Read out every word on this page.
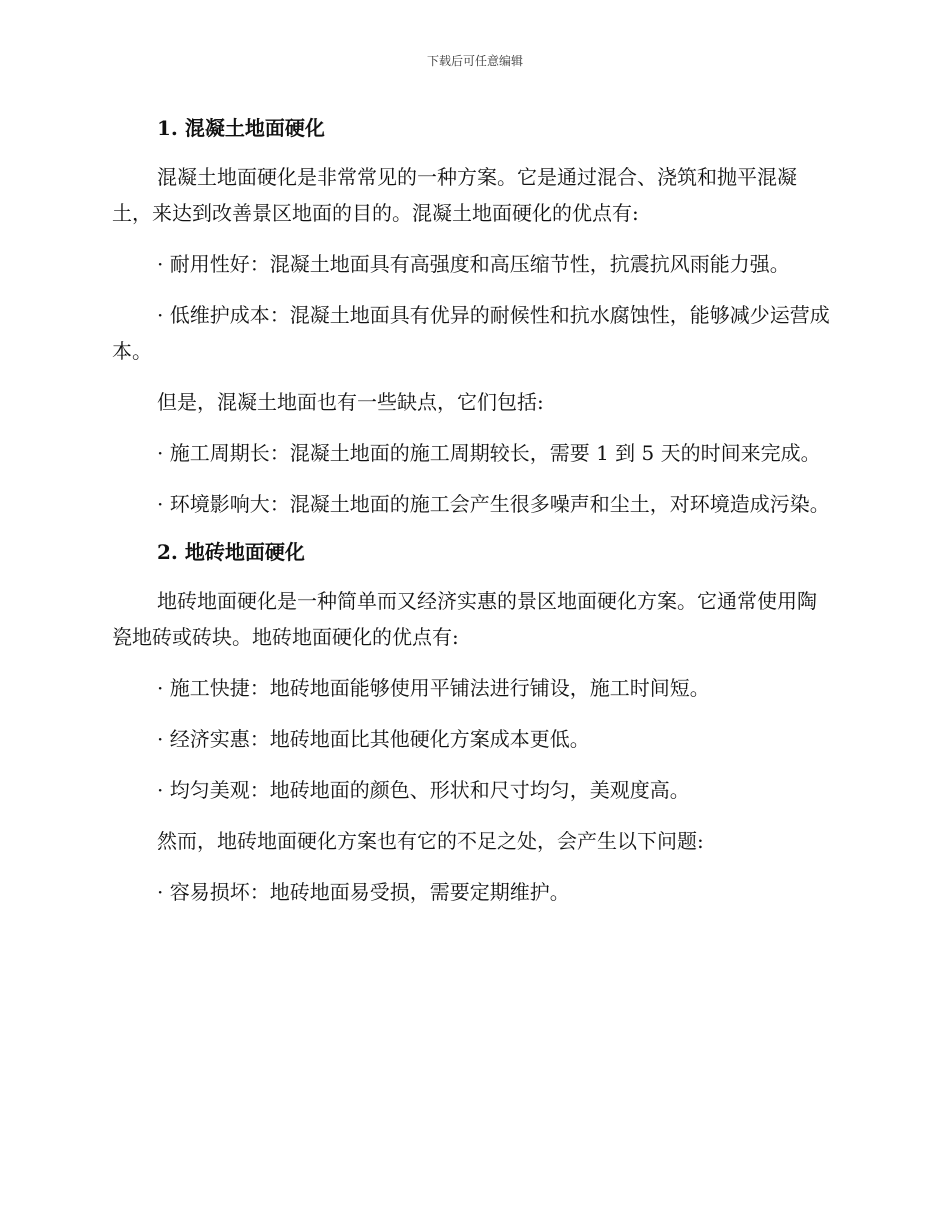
下载后可任意编辑
1. 混凝土地面硬化

混凝土地面硬化是非常常见的一种方案。它是通过混合、浇筑和抛平混凝土，来达到改善景区地面的目的。混凝土地面硬化的优点有:

· 耐用性好：混凝土地面具有高强度和高压缩节性，抗震抗风雨能力强。

· 低维护成本：混凝土地面具有优异的耐候性和抗水腐蚀性，能够减少运营成本。

但是，混凝土地面也有一些缺点，它们包括:

· 施工周期长：混凝土地面的施工周期较长，需要 1 到 5 天的时间来完成。

· 环境影响大：混凝土地面的施工会产生很多噪声和尘土，对环境造成污染。

2. 地砖地面硬化

地砖地面硬化是一种简单而又经济实惠的景区地面硬化方案。它通常使用陶瓷地砖或砖块。地砖地面硬化的优点有:

· 施工快捷：地砖地面能够使用平铺法进行铺设，施工时间短。

· 经济实惠：地砖地面比其他硬化方案成本更低。

· 均匀美观：地砖地面的颜色、形状和尺寸均匀，美观度高。

然而，地砖地面硬化方案也有它的不足之处，会产生以下问题:

· 容易损坏：地砖地面易受损，需要定期维护。
